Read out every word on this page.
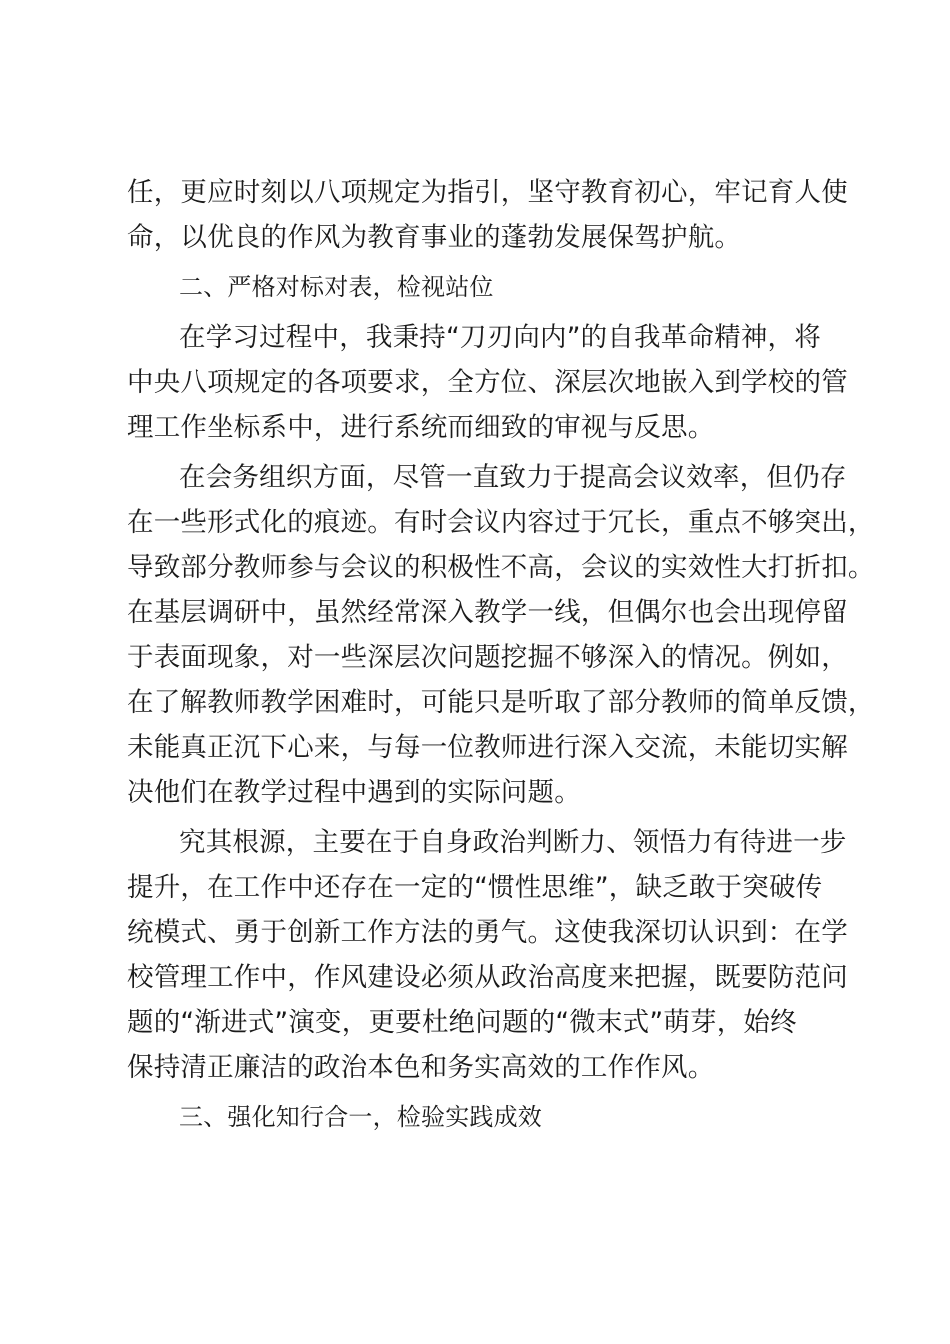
任，更应时刻以八项规定为指引，坚守教育初心，牢记育人使
命，以优良的作风为教育事业的蓬勃发展保驾护航。

二、严格对标对表，检视站位

在学习过程中，我秉持“刀刃向内”的自我革命精神，将
中央八项规定的各项要求，全方位、深层次地嵌入到学校的管
理工作坐标系中，进行系统而细致的审视与反思。

在会务组织方面，尽管一直致力于提高会议效率，但仍存
在一些形式化的痕迹。有时会议内容过于冗长，重点不够突出，
导致部分教师参与会议的积极性不高，会议的实效性大打折扣。
在基层调研中，虽然经常深入教学一线，但偶尔也会出现停留
于表面现象，对一些深层次问题挖掘不够深入的情况。例如，
在了解教师教学困难时，可能只是听取了部分教师的简单反馈，
未能真正沉下心来，与每一位教师进行深入交流，未能切实解
决他们在教学过程中遇到的实际问题。

究其根源，主要在于自身政治判断力、领悟力有待进一步
提升，在工作中还存在一定的“惯性思维”，缺乏敢于突破传
统模式、勇于创新工作方法的勇气。这使我深切认识到：在学
校管理工作中，作风建设必须从政治高度来把握，既要防范问
题的“渐进式”演变，更要杜绝问题的“微末式”萌芽，始终
保持清正廉洁的政治本色和务实高效的工作作风。

三、强化知行合一，检验实践成效
